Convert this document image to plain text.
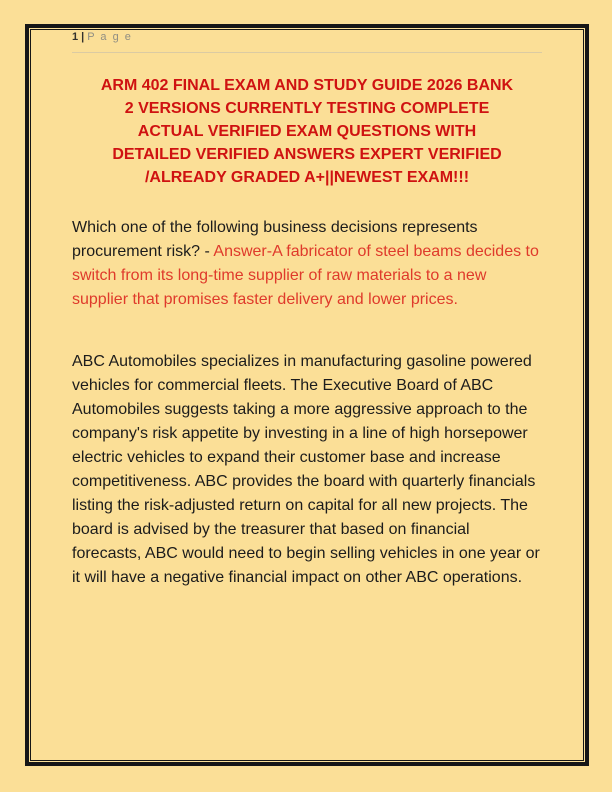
1 | P a g e
ARM 402 FINAL EXAM AND STUDY GUIDE 2026 BANK
2 VERSIONS CURRENTLY TESTING COMPLETE
ACTUAL VERIFIED EXAM QUESTIONS WITH
DETAILED VERIFIED ANSWERS EXPERT VERIFIED
/ALREADY GRADED A+||NEWEST EXAM!!!
Which one of the following business decisions represents procurement risk? - Answer-A fabricator of steel beams decides to switch from its long-time supplier of raw materials to a new supplier that promises faster delivery and lower prices.
ABC Automobiles specializes in manufacturing gasoline powered vehicles for commercial fleets. The Executive Board of ABC Automobiles suggests taking a more aggressive approach to the company's risk appetite by investing in a line of high horsepower electric vehicles to expand their customer base and increase competitiveness. ABC provides the board with quarterly financials listing the risk-adjusted return on capital for all new projects. The board is advised by the treasurer that based on financial forecasts, ABC would need to begin selling vehicles in one year or it will have a negative financial impact on other ABC operations.
